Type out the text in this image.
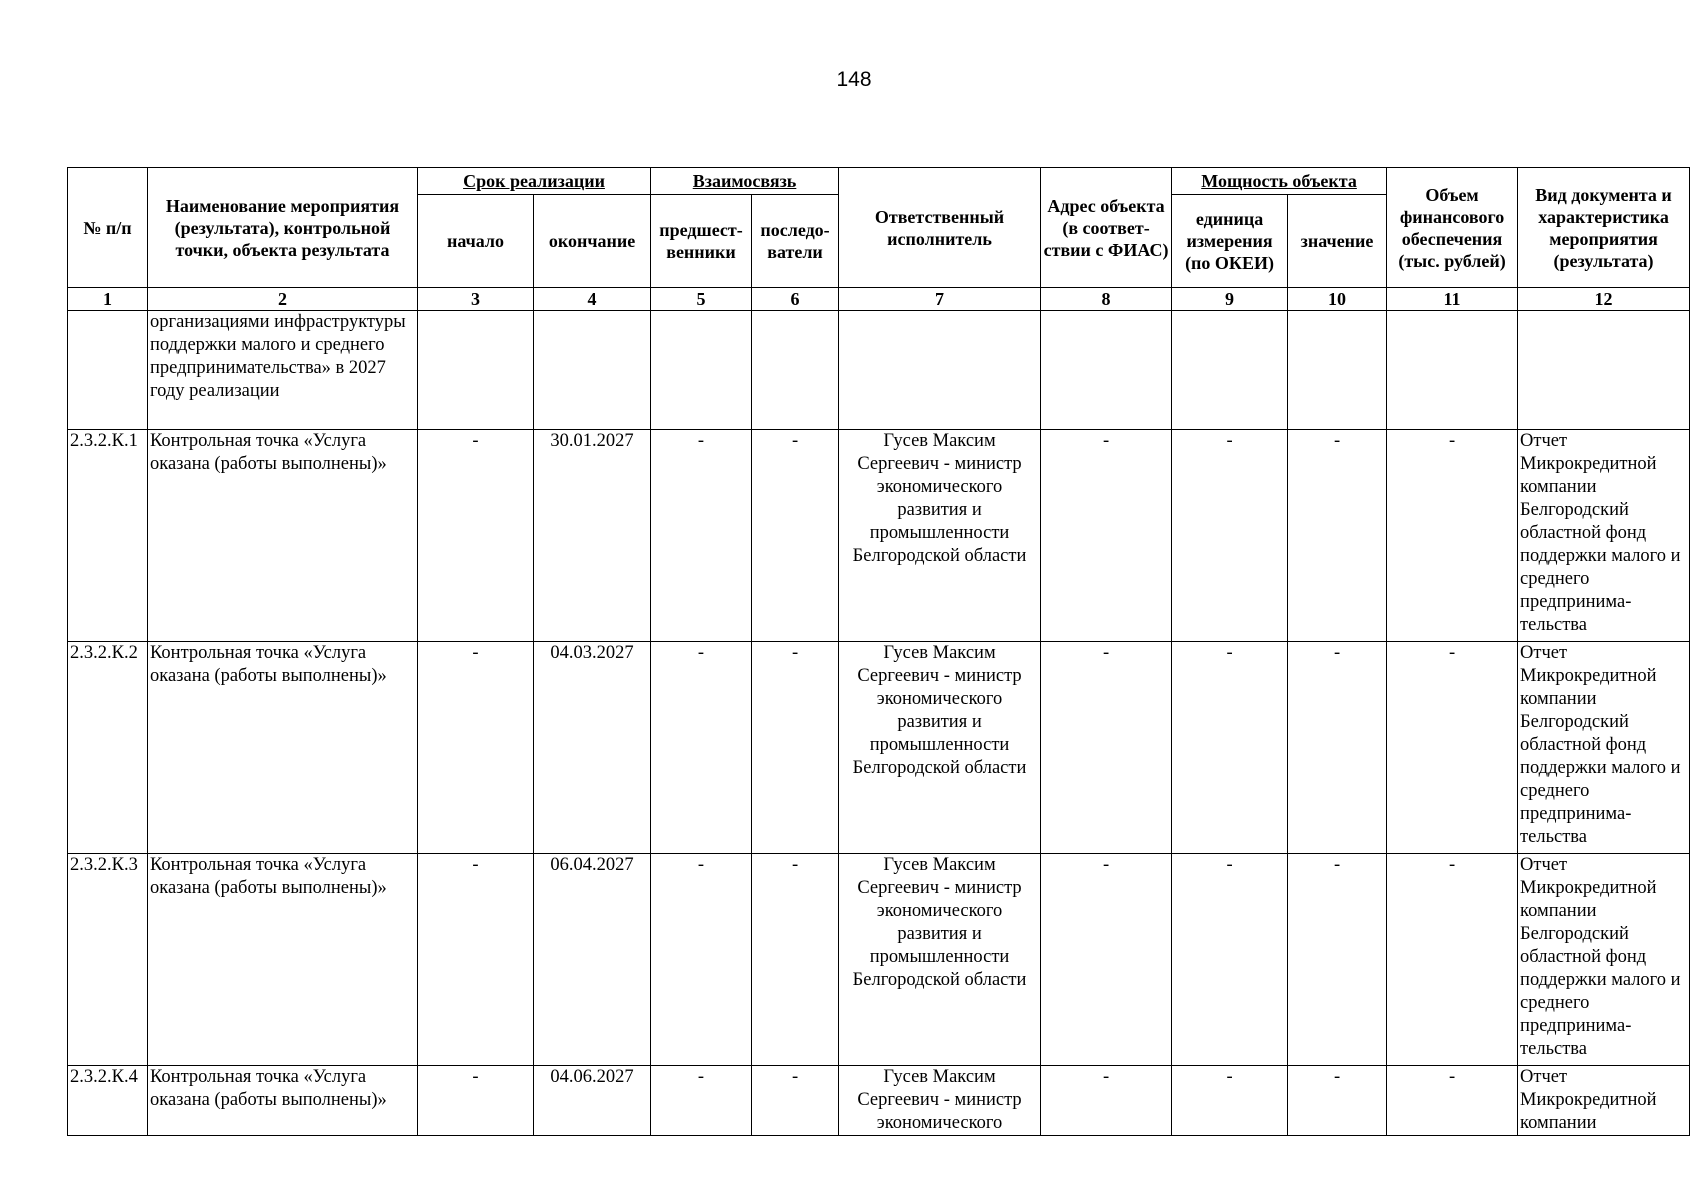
148
№ п/п	Наименование мероприятия (результата), контрольной точки, объекта результата	Срок реализации		Взаимосвязь		Ответственный исполнитель	Адрес объекта (в соответ-ствии с ФИАС)	Мощность объекта		Объем финансового обеспечения (тыс. рублей)	Вид документа и характеристика мероприятия (результата)
		начало	окончание	предшест-венники	последо-ватели			единица измерения (по ОКЕИ)	значение		
1	2	3	4	5	6	7	8	9	10	11	12
	организациями инфраструктуры поддержки малого и среднего предпринимательства» в 2027 году реализации										
2.3.2.К.1	Контрольная точка «Услуга оказана (работы выполнены)»	-	30.01.2027	-	-	Гусев Максим Сергеевич - министр экономического развития и промышленности Белгородской области	-	-	-	-	Отчет Микрокредитной компании Белгородский областной фонд поддержки малого и среднего предпринима-тельства
2.3.2.К.2	Контрольная точка «Услуга оказана (работы выполнены)»	-	04.03.2027	-	-	Гусев Максим Сергеевич - министр экономического развития и промышленности Белгородской области	-	-	-	-	Отчет Микрокредитной компании Белгородский областной фонд поддержки малого и среднего предпринима-тельства
2.3.2.К.3	Контрольная точка «Услуга оказана (работы выполнены)»	-	06.04.2027	-	-	Гусев Максим Сергеевич - министр экономического развития и промышленности Белгородской области	-	-	-	-	Отчет Микрокредитной компании Белгородский областной фонд поддержки малого и среднего предпринима-тельства
2.3.2.К.4	Контрольная точка «Услуга оказана (работы выполнены)»	-	04.06.2027	-	-	Гусев Максим Сергеевич - министр экономического	-	-	-	-	Отчет Микрокредитной компании
